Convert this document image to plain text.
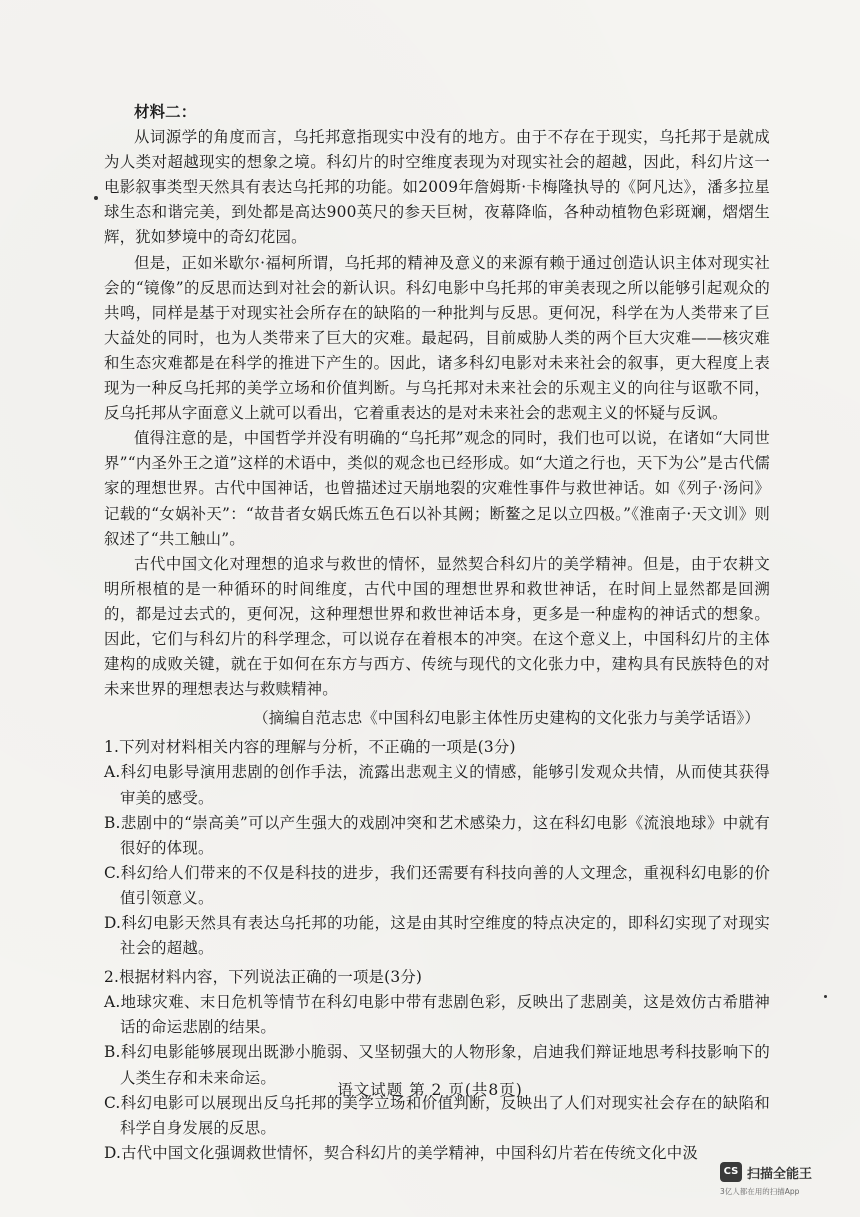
材料二：

从词源学的角度而言，乌托邦意指现实中没有的地方。由于不存在于现实，乌托邦于是就成为人类对超越现实的想象之境。科幻片的时空维度表现为对现实社会的超越，因此，科幻片这一电影叙事类型天然具有表达乌托邦的功能。如2009年詹姆斯·卡梅隆执导的《阿凡达》，潘多拉星球生态和谐完美，到处都是高达900英尺的参天巨树，夜幕降临，各种动植物色彩斑斓，熠熠生辉，犹如梦境中的奇幻花园。

但是，正如米歇尔·福柯所谓，乌托邦的精神及意义的来源有赖于通过创造认识主体对现实社会的“镜像”的反思而达到对社会的新认识。科幻电影中乌托邦的审美表现之所以能够引起观众的共鸣，同样是基于对现实社会所存在的缺陷的一种批判与反思。更何况，科学在为人类带来了巨大益处的同时，也为人类带来了巨大的灾难。最起码，目前威胁人类的两个巨大灾难——核灾难和生态灾难都是在科学的推进下产生的。因此，诸多科幻电影对未来社会的叙事，更大程度上表现为一种反乌托邦的美学立场和价值判断。与乌托邦对未来社会的乐观主义的向往与讴歌不同，反乌托邦从字面意义上就可以看出，它着重表达的是对未来社会的悲观主义的怀疑与反讽。

值得注意的是，中国哲学并没有明确的“乌托邦”观念的同时，我们也可以说，在诸如“大同世界”“内圣外王之道”这样的术语中，类似的观念也已经形成。如“大道之行也，天下为公”是古代儒家的理想世界。古代中国神话，也曾描述过天崩地裂的灾难性事件与救世神话。如《列子·汤问》记载的“女娲补天”：“故昔者女娲氏炼五色石以补其阙；断鳌之足以立四极。”《淮南子·天文训》则叙述了“共工触山”。

古代中国文化对理想的追求与救世的情怀，显然契合科幻片的美学精神。但是，由于农耕文明所根植的是一种循环的时间维度，古代中国的理想世界和救世神话，在时间上显然都是回溯的，都是过去式的，更何况，这种理想世界和救世神话本身，更多是一种虚构的神话式的想象。因此，它们与科幻片的科学理念，可以说存在着根本的冲突。在这个意义上，中国科幻片的主体建构的成败关键，就在于如何在东方与西方、传统与现代的文化张力中，建构具有民族特色的对未来世界的理想表达与救赎精神。

（摘编自范志忠《中国科幻电影主体性历史建构的文化张力与美学话语》）

1.下列对材料相关内容的理解与分析，不正确的一项是(3分)

A.科幻电影导演用悲剧的创作手法，流露出悲观主义的情感，能够引发观众共情，从而使其获得审美的感受。

B.悲剧中的“崇高美”可以产生强大的戏剧冲突和艺术感染力，这在科幻电影《流浪地球》中就有很好的体现。

C.科幻给人们带来的不仅是科技的进步，我们还需要有科技向善的人文理念，重视科幻电影的价值引领意义。

D.科幻电影天然具有表达乌托邦的功能，这是由其时空维度的特点决定的，即科幻实现了对现实社会的超越。

2.根据材料内容，下列说法正确的一项是(3分)

A.地球灾难、末日危机等情节在科幻电影中带有悲剧色彩，反映出了悲剧美，这是效仿古希腊神话的命运悲剧的结果。

B.科幻电影能够展现出既渺小脆弱、又坚韧强大的人物形象，启迪我们辩证地思考科技影响下的人类生存和未来命运。

C.科幻电影可以展现出反乌托邦的美学立场和价值判断，反映出了人们对现实社会存在的缺陷和科学自身发展的反思。

D.古代中国文化强调救世情怀，契合科幻片的美学精神，中国科幻片若在传统文化中汲

语文试题 第 2 页(共8页)
CS 扫描全能王
3亿人都在用的扫描App
